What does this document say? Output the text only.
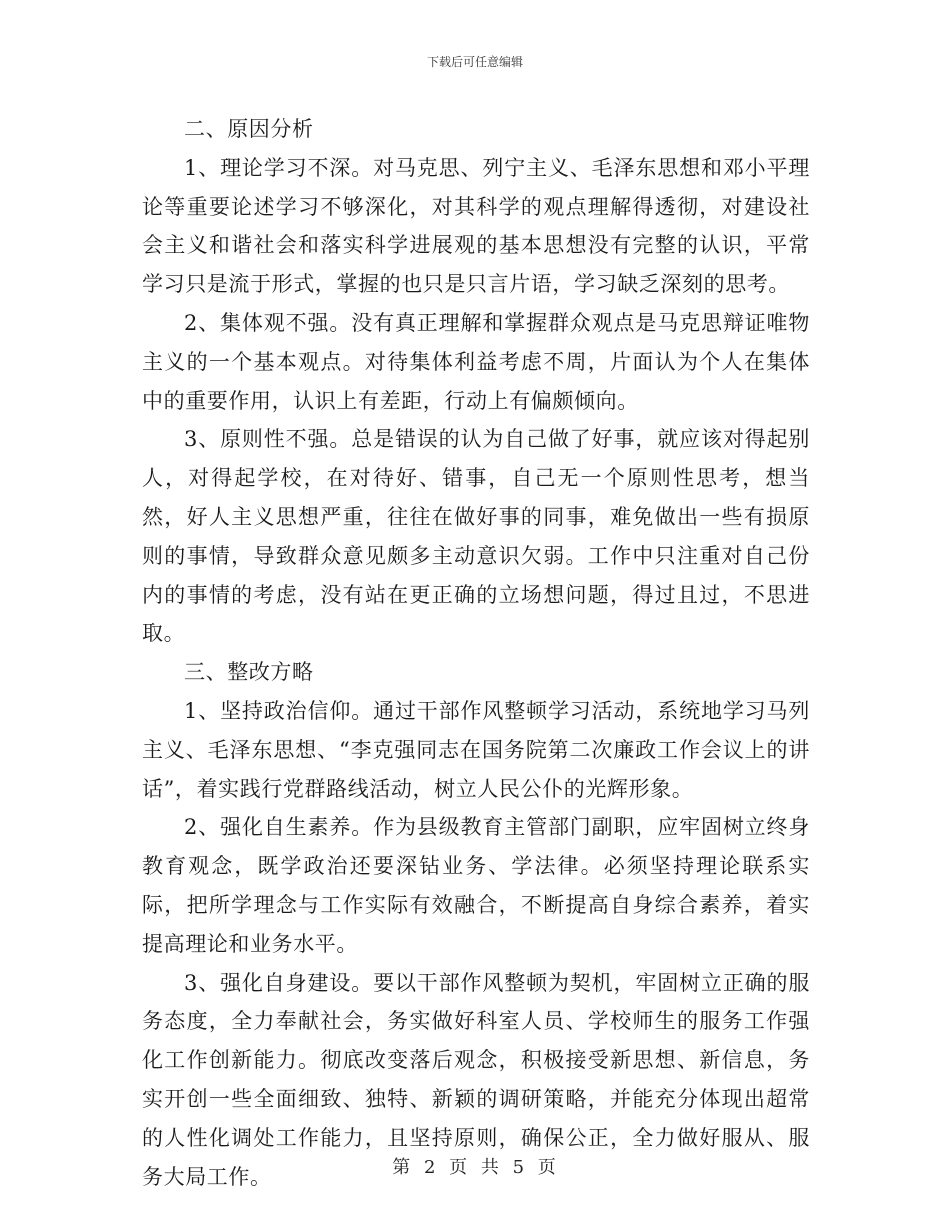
下载后可任意编辑

二、原因分析

1、理论学习不深。对马克思、列宁主义、毛泽东思想和邓小平理论等重要论述学习不够深化，对其科学的观点理解得透彻，对建设社会主义和谐社会和落实科学进展观的基本思想没有完整的认识，平常学习只是流于形式，掌握的也只是只言片语，学习缺乏深刻的思考。

2、集体观不强。没有真正理解和掌握群众观点是马克思辩证唯物主义的一个基本观点。对待集体利益考虑不周，片面认为个人在集体中的重要作用，认识上有差距，行动上有偏颇倾向。

3、原则性不强。总是错误的认为自己做了好事，就应该对得起别人，对得起学校，在对待好、错事，自己无一个原则性思考，想当然，好人主义思想严重，往往在做好事的同事，难免做出一些有损原则的事情，导致群众意见颇多主动意识欠弱。工作中只注重对自己份内的事情的考虑，没有站在更正确的立场想问题，得过且过，不思进取。

三、整改方略

1、坚持政治信仰。通过干部作风整顿学习活动，系统地学习马列主义、毛泽东思想、“李克强同志在国务院第二次廉政工作会议上的讲话”，着实践行党群路线活动，树立人民公仆的光辉形象。

2、强化自生素养。作为县级教育主管部门副职，应牢固树立终身教育观念，既学政治还要深钻业务、学法律。必须坚持理论联系实际，把所学理念与工作实际有效融合，不断提高自身综合素养，着实提高理论和业务水平。

3、强化自身建设。要以干部作风整顿为契机，牢固树立正确的服务态度，全力奉献社会，务实做好科室人员、学校师生的服务工作强化工作创新能力。彻底改变落后观念，积极接受新思想、新信息，务实开创一些全面细致、独特、新颖的调研策略，并能充分体现出超常的人性化调处工作能力，且坚持原则，确保公正，全力做好服从、服务大局工作。	第 2 页 共 5 页
